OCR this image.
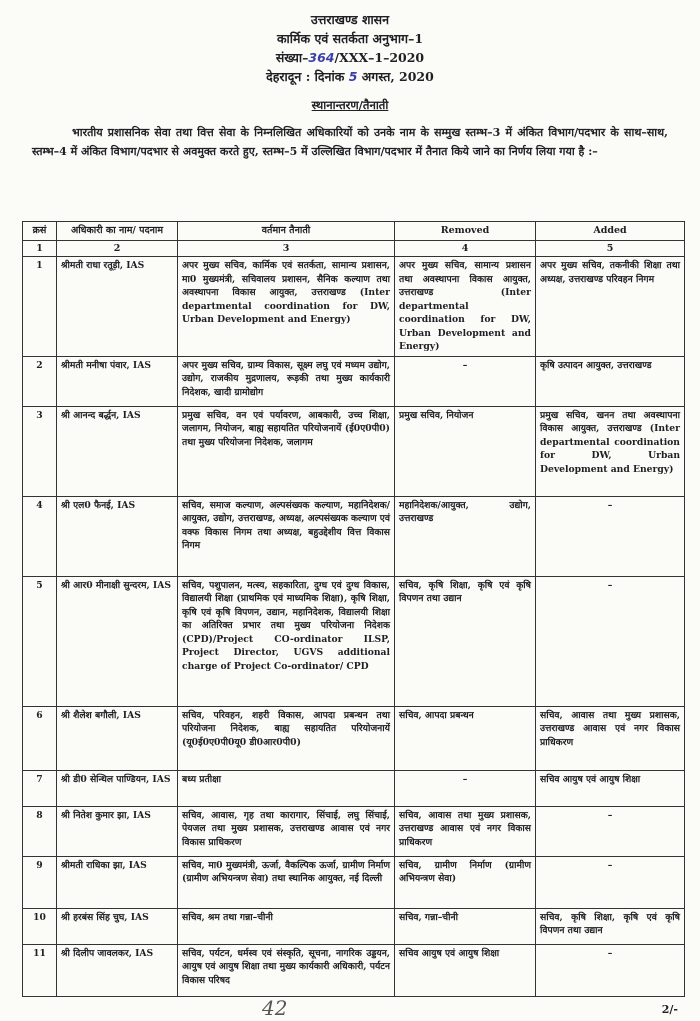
उत्तराखण्ड शासन
कार्मिक एवं सतर्कता अनुभाग–1
संख्या–364/XXX–1–2020
देहरादून : दिनांक 5 अगस्त, 2020
स्थानान्तरण/तैनाती
भारतीय प्रशासनिक सेवा तथा वित्त सेवा के निम्नलिखित अधिकारियों को उनके नाम के सम्मुख स्तम्भ–3 में अंकित विभाग/पदभार के साथ–साथ, स्तम्भ–4 में अंकित विभाग/पदभार से अवमुक्त करते हुए, स्तम्भ–5 में उल्लिखित विभाग/पदभार में तैनात किये जाने का निर्णय लिया गया है :–
क्रसं	अधिकारी का नाम/ पदनाम	वर्तमान तैनाती	Removed	Added
1	2	3	4	5
1	श्रीमती राधा रतूड़ी, IAS	अपर मुख्य सचिव, कार्मिक एवं सतर्कता, सामान्य प्रशासन, मा0 मुख्यमंत्री, सचिवालय प्रशासन, सैनिक कल्याण तथा अवस्थापना विकास आयुक्त, उत्तराखण्ड (Inter departmental coordination for DW, Urban Development and Energy)	अपर मुख्य सचिव, सामान्य प्रशासन तथा अवस्थापना विकास आयुक्त, उत्तराखण्ड (Inter departmental coordination for DW, Urban Development and Energy)	अपर मुख्य सचिव, तकनीकी शिक्षा तथा अध्यक्ष, उत्तराखण्ड परिवहन निगम
2	श्रीमती मनीषा पंवार, IAS	अपर मुख्य सचिव, ग्राम्य विकास, सूक्ष्म लघु एवं मध्यम उद्योग, उद्योग, राजकीय मुद्रणालय, रूड़की तथा मुख्य कार्यकारी निदेशक, खादी ग्रामोद्योग	–	कृषि उत्पादन आयुक्त, उत्तराखण्ड
3	श्री आनन्द बर्द्धन, IAS	प्रमुख सचिव, वन एवं पर्यावरण, आबकारी, उच्च शिक्षा, जलागम, नियोजन, बाह्य सहायतित परियोजनायें (ई0ए0पी0) तथा मुख्य परियोजना निदेशक, जलागम	प्रमुख सचिव, नियोजन	प्रमुख सचिव, खनन तथा अवस्थापना विकास आयुक्त, उत्तराखण्ड (Inter departmental coordination for DW, Urban Development and Energy)
4	श्री एल0 फैनई, IAS	सचिव, समाज कल्याण, अल्पसंख्यक कल्याण, महानिदेशक/आयुक्त, उद्योग, उत्तराखण्ड, अध्यक्ष, अल्पसंख्यक कल्याण एवं वक्फ विकास निगम तथा अध्यक्ष, बहुउद्देशीय वित्त विकास निगम	महानिदेशक/आयुक्त, उद्योग, उत्तराखण्ड	–
5	श्री आर0 मीनाक्षी सुन्दरम, IAS	सचिव, पशुपालन, मत्स्य, सहकारिता, दुग्ध एवं दुग्ध विकास, विद्यालयी शिक्षा (प्राथमिक एवं माध्यमिक शिक्षा), कृषि शिक्षा, कृषि एवं कृषि विपणन, उद्यान, महानिदेशक, विद्यालयी शिक्षा का अतिरिक्त प्रभार तथा मुख्य परियोजना निदेशक (CPD)/Project CO-ordinator ILSP, Project Director, UGVS additional charge of Project Co-ordinator/ CPD	सचिव, कृषि शिक्षा, कृषि एवं कृषि विपणन तथा उद्यान	–
6	श्री शैलेश बगौली, IAS	सचिव, परिवहन, शहरी विकास, आपदा प्रबन्धन तथा परियोजना निदेशक, बाह्य सहायतित परियोजनायें (यू0ई0ए0पी0यू0 डी0आर0पी0)	सचिव, आपदा प्रबन्धन	सचिव, आवास तथा मुख्य प्रशासक, उत्तराखण्ड आवास एवं नगर विकास प्राधिकरण
7	श्री डी0 सेन्थिल पाण्डियन, IAS	बध्य प्रतीक्षा	–	सचिव आयुष एवं आयुष शिक्षा
8	श्री नितेश कुमार झा, IAS	सचिव, आवास, गृह तथा कारागार, सिंचाई, लघु सिंचाई, पेयजल तथा मुख्य प्रशासक, उत्तराखण्ड आवास एवं नगर विकास प्राधिकरण	सचिव, आवास तथा मुख्य प्रशासक, उत्तराखण्ड आवास एवं नगर विकास प्राधिकरण	–
9	श्रीमती राधिका झा, IAS	सचिव, मा0 मुख्यमंत्री, ऊर्जा, वैकल्पिक ऊर्जा, ग्रामीण निर्माण (ग्रामीण अभियन्त्रण सेवा) तथा स्थानिक आयुक्त, नई दिल्ली	सचिव, ग्रामीण निर्माण (ग्रामीण अभियन्त्रण सेवा)	–
10	श्री हरबंस सिंह चुघ, IAS	सचिव, श्रम तथा गन्ना–चीनी	सचिव, गन्ना–चीनी	सचिव, कृषि शिक्षा, कृषि एवं कृषि विपणन तथा उद्यान
11	श्री दिलीप जावलकर, IAS	सचिव, पर्यटन, धर्मस्व एवं संस्कृति, सूचना, नागरिक उड्डयन, आयुष एवं आयुष शिक्षा तथा मुख्य कार्यकारी अधिकारी, पर्यटन विकास परिषद	सचिव आयुष एवं आयुष शिक्षा	–
42	2/-
